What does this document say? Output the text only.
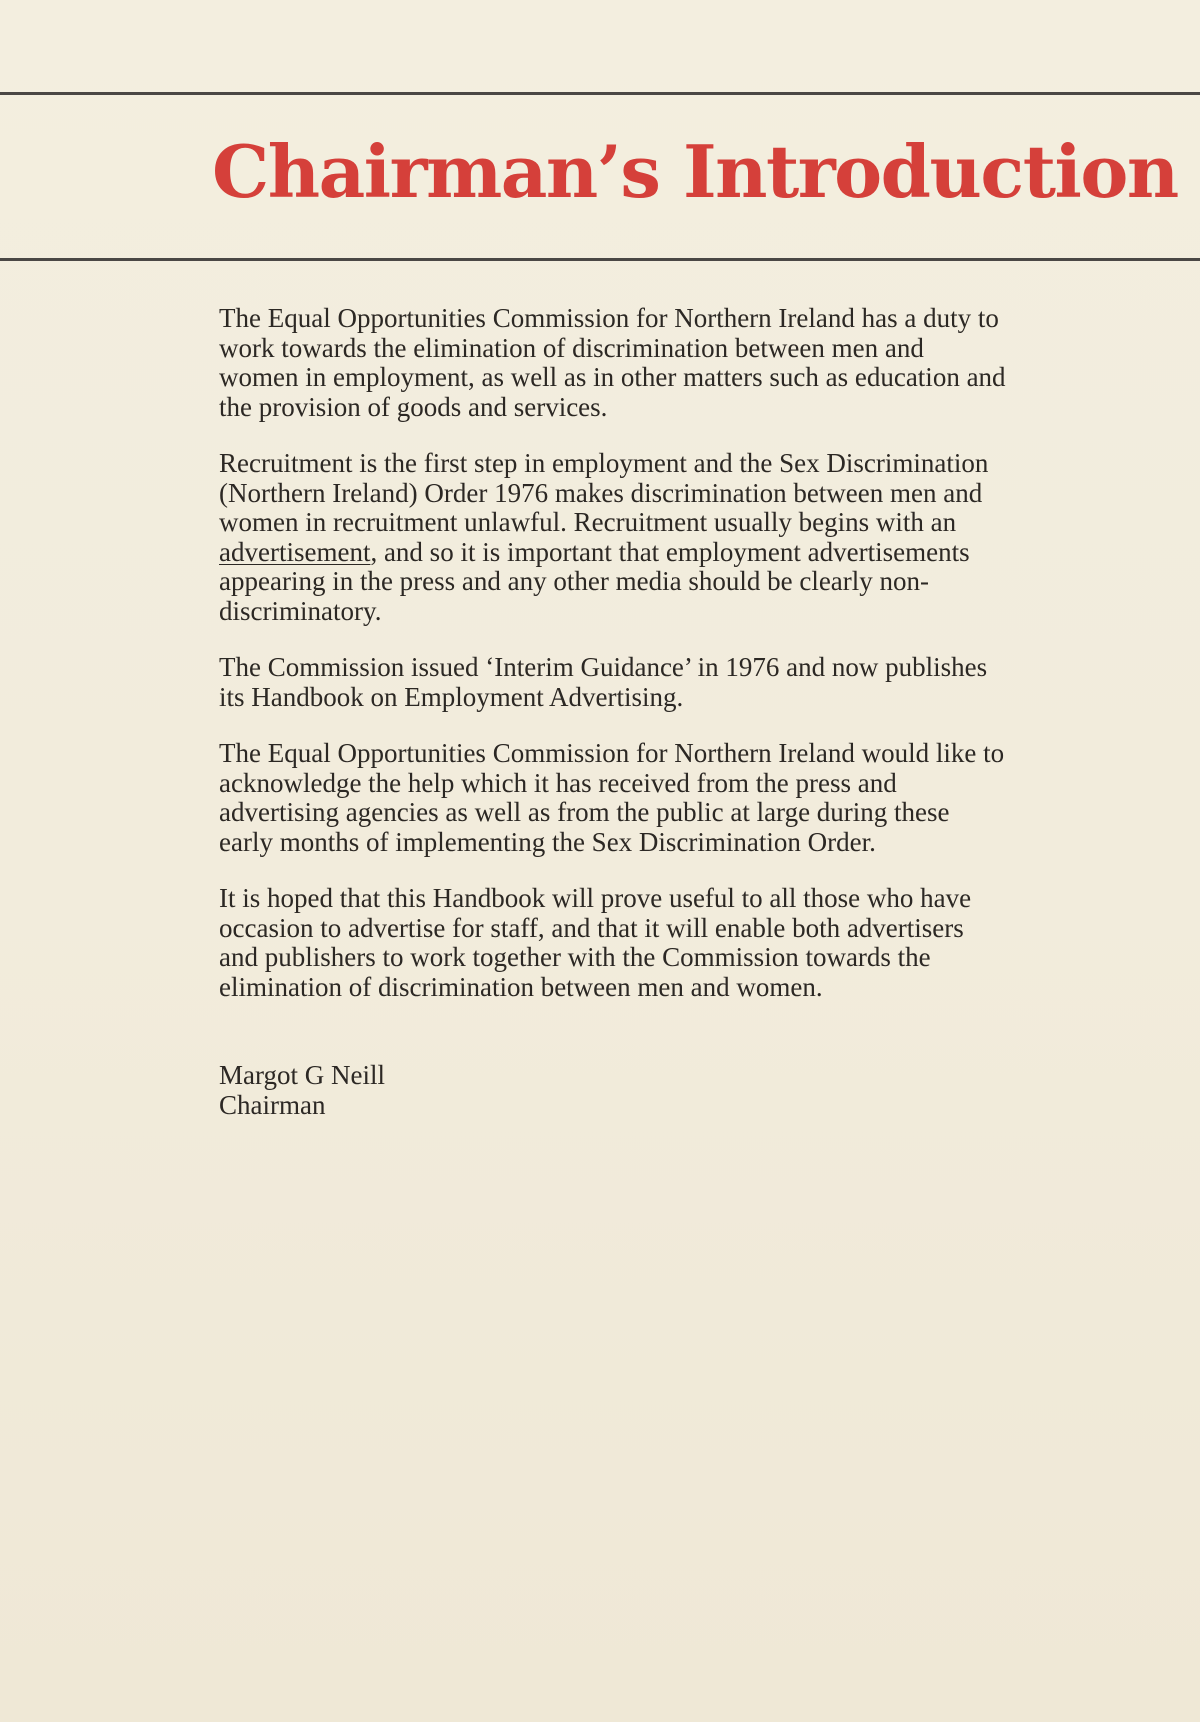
Chairman’s Introduction

The Equal Opportunities Commission for Northern Ireland has a duty to work towards the elimination of discrimination between men and women in employment, as well as in other matters such as education and the provision of goods and services.

Recruitment is the first step in employment and the Sex Discrimination (Northern Ireland) Order 1976 makes discrimination between men and women in recruitment unlawful. Recruitment usually begins with an advertisement, and so it is important that employment advertisements appearing in the press and any other media should be clearly non-discriminatory.

The Commission issued ‘Interim Guidance’ in 1976 and now publishes its Handbook on Employment Advertising.

The Equal Opportunities Commission for Northern Ireland would like to acknowledge the help which it has received from the press and advertising agencies as well as from the public at large during these early months of implementing the Sex Discrimination Order.

It is hoped that this Handbook will prove useful to all those who have occasion to advertise for staff, and that it will enable both advertisers and publishers to work together with the Commission towards the elimination of discrimination between men and women.

Margot G Neill
Chairman
